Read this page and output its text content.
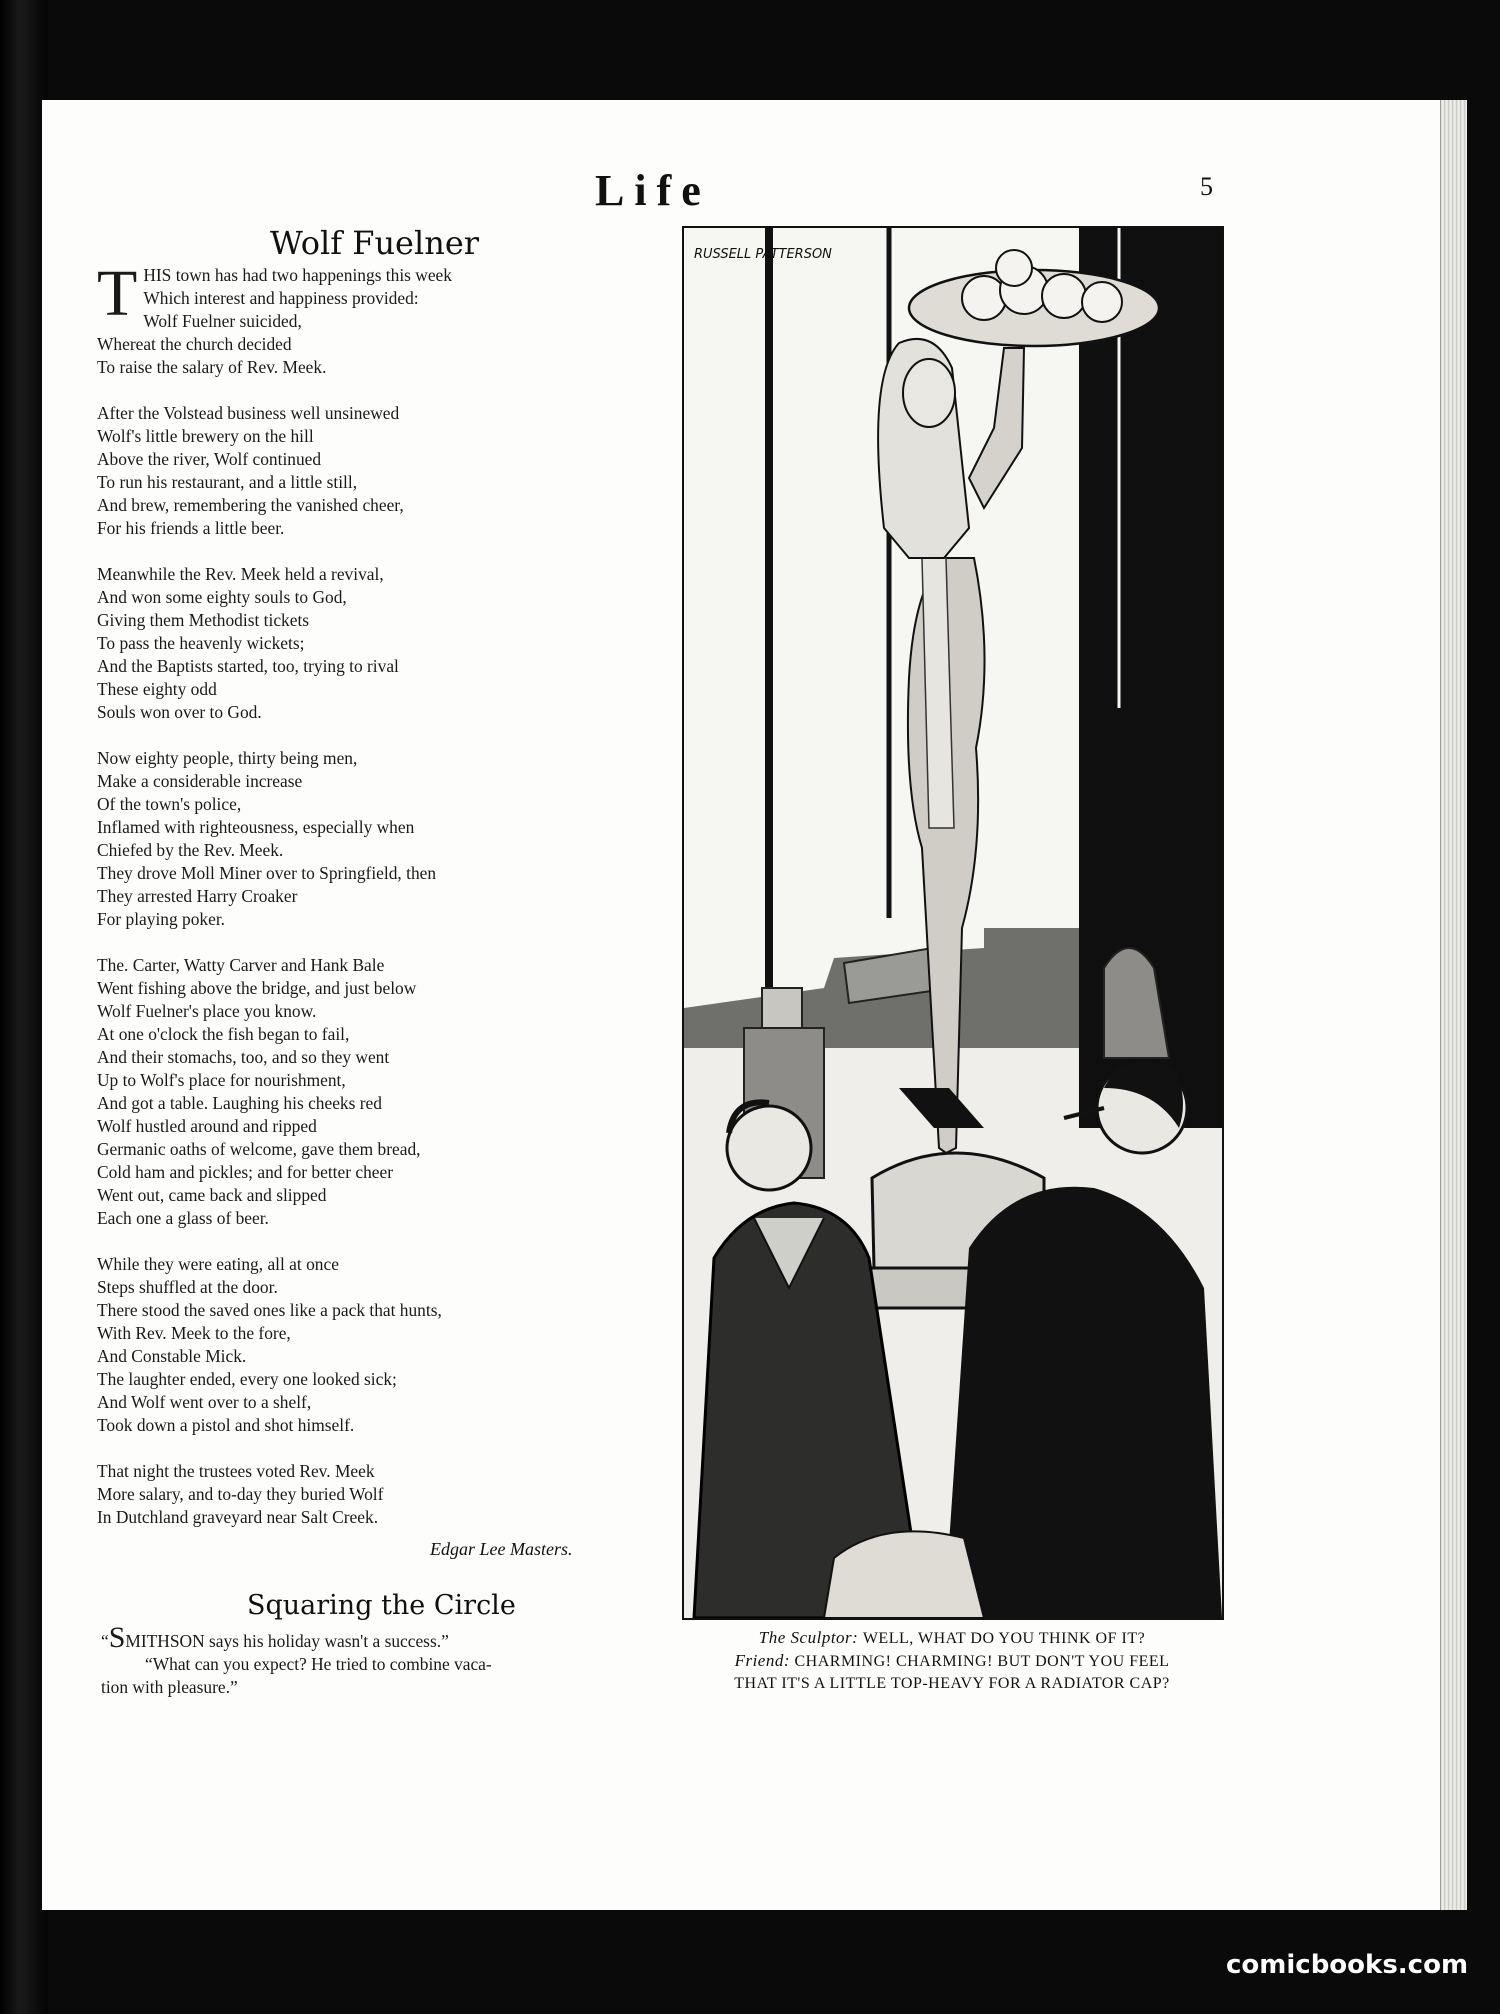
Life	5
Wolf Fuelner
T HIS town has had two happenings this week
Which interest and happiness provided:
Wolf Fuelner suicided,
Whereat the church decided
To raise the salary of Rev. Meek.
After the Volstead business well unsinewed
Wolf's little brewery on the hill
Above the river, Wolf continued
To run his restaurant, and a little still,
And brew, remembering the vanished cheer,
For his friends a little beer.
Meanwhile the Rev. Meek held a revival,
And won some eighty souls to God,
Giving them Methodist tickets
To pass the heavenly wickets;
And the Baptists started, too, trying to rival
These eighty odd
Souls won over to God.
Now eighty people, thirty being men,
Make a considerable increase
Of the town's police,
Inflamed with righteousness, especially when
Chiefed by the Rev. Meek.
They drove Moll Miner over to Springfield, then
They arrested Harry Croaker
For playing poker.
The. Carter, Watty Carver and Hank Bale
Went fishing above the bridge, and just below
Wolf Fuelner's place you know.
At one o'clock the fish began to fail,
And their stomachs, too, and so they went
Up to Wolf's place for nourishment,
And got a table. Laughing his cheeks red
Wolf hustled around and ripped
Germanic oaths of welcome, gave them bread,
Cold ham and pickles; and for better cheer
Went out, came back and slipped
Each one a glass of beer.
While they were eating, all at once
Steps shuffled at the door.
There stood the saved ones like a pack that hunts,
With Rev. Meek to the fore,
And Constable Mick.
The laughter ended, every one looked sick;
And Wolf went over to a shelf,
Took down a pistol and shot himself.
That night the trustees voted Rev. Meek
More salary, and to-day they buried Wolf
In Dutchland graveyard near Salt Creek.
Edgar Lee Masters.
Squaring the Circle
“SMITHSON says his holiday wasn't a success.”
“What can you expect? He tried to combine vaca-
tion with pleasure.”
RUSSELL PATTERSON
The Sculptor: WELL, WHAT DO YOU THINK OF IT?
Friend: CHARMING! CHARMING! BUT DON'T YOU FEEL
THAT IT'S A LITTLE TOP-HEAVY FOR A RADIATOR CAP?
comicbooks.com
